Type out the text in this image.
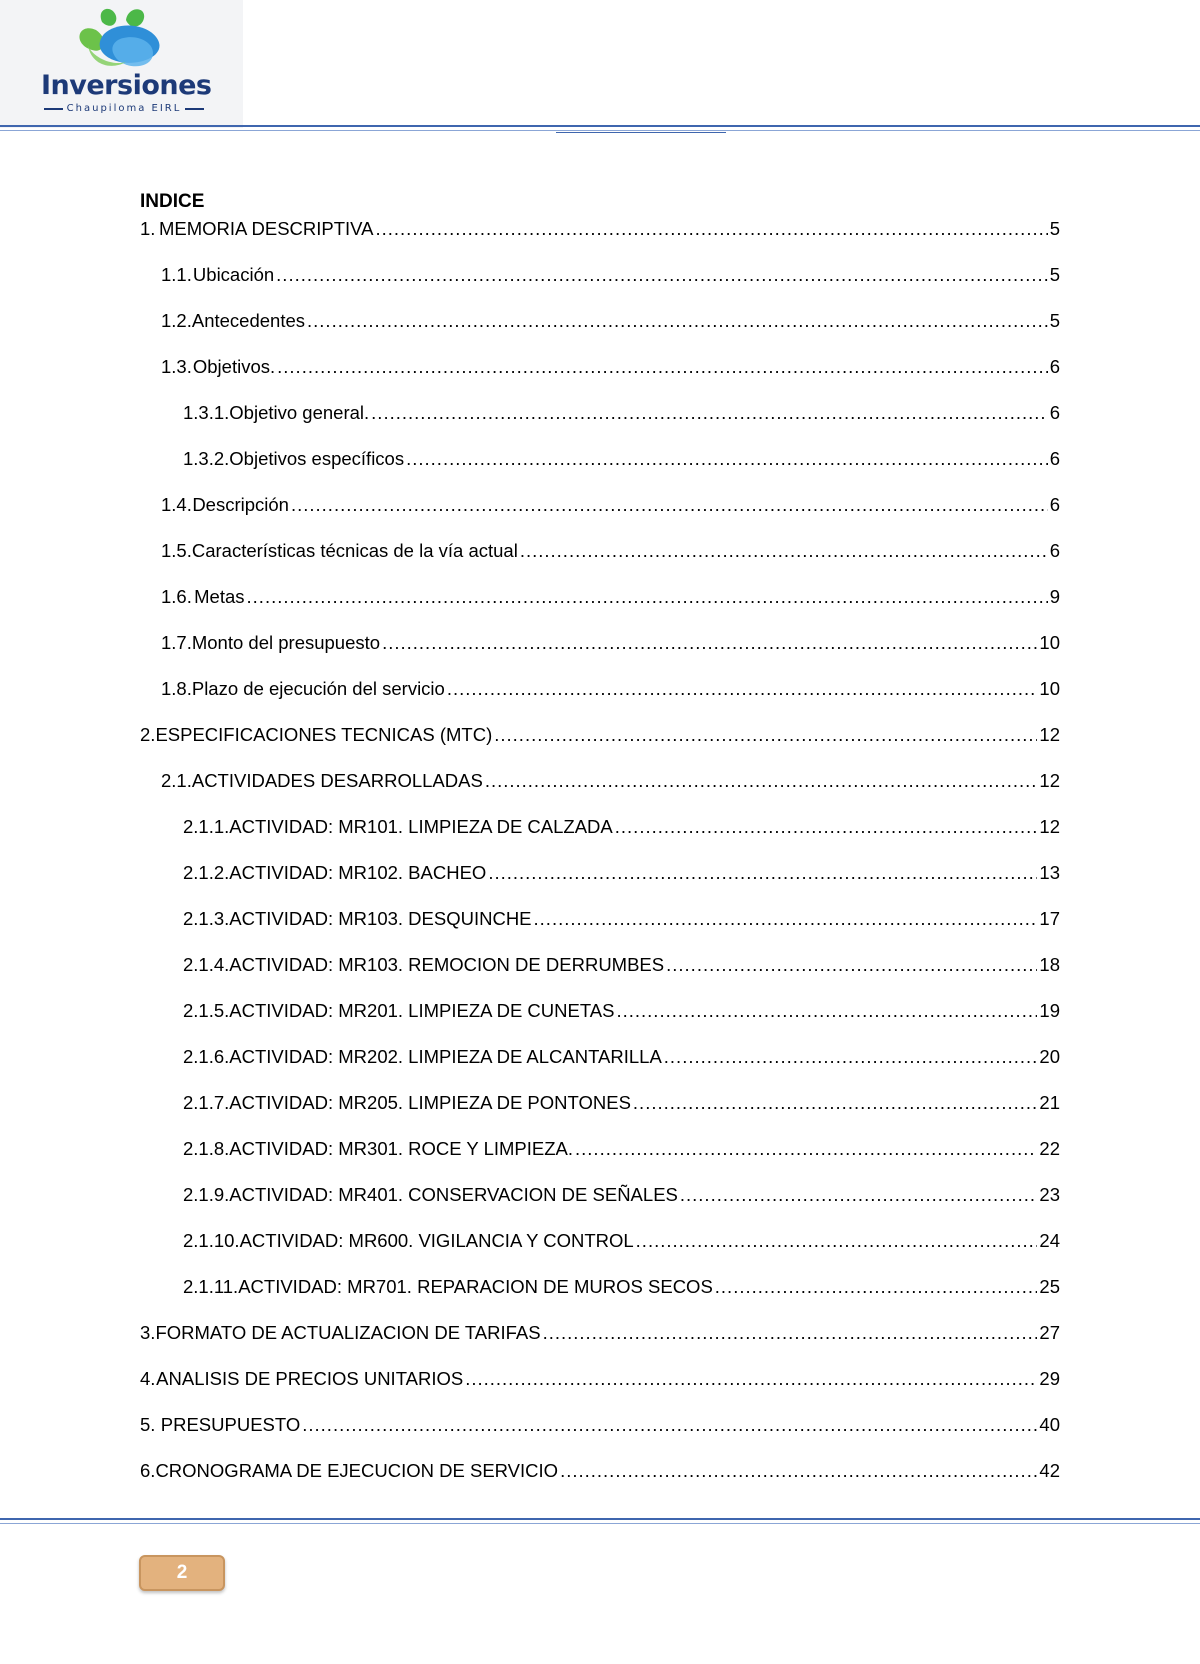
Inversiones
Chaupiloma EIRL
INDICE
1. MEMORIA DESCRIPTIVA .....	5
1.1. Ubicación .....	5
1.2. Antecedentes .....	5
1.3. Objetivos. .....	6
1.3.1. Objetivo general. .....	6
1.3.2. Objetivos específicos .....	6
1.4. Descripción .....	6
1.5. Características técnicas de la vía actual .....	6
1.6. Metas .....	9
1.7. Monto del presupuesto .....	10
1.8. Plazo de ejecución del servicio .....	10
2. ESPECIFICACIONES TECNICAS (MTC) .....	12
2.1. ACTIVIDADES DESARROLLADAS .....	12
2.1.1. ACTIVIDAD: MR101. LIMPIEZA DE CALZADA .....	12
2.1.2. ACTIVIDAD: MR102. BACHEO .....	13
2.1.3. ACTIVIDAD: MR103. DESQUINCHE .....	17
2.1.4. ACTIVIDAD: MR103. REMOCION DE DERRUMBES .....	18
2.1.5. ACTIVIDAD: MR201. LIMPIEZA DE CUNETAS .....	19
2.1.6. ACTIVIDAD: MR202. LIMPIEZA DE ALCANTARILLA .....	20
2.1.7. ACTIVIDAD: MR205. LIMPIEZA DE PONTONES .....	21
2.1.8. ACTIVIDAD: MR301. ROCE Y LIMPIEZA. .....	22
2.1.9. ACTIVIDAD: MR401. CONSERVACION DE SEÑALES .....	23
2.1.10. ACTIVIDAD: MR600. VIGILANCIA Y CONTROL .....	24
2.1.11. ACTIVIDAD: MR701. REPARACION DE MUROS SECOS .....	25
3. FORMATO DE ACTUALIZACION DE TARIFAS .....	27
4. ANALISIS DE PRECIOS UNITARIOS .....	29
5. PRESUPUESTO .....	40
6. CRONOGRAMA DE EJECUCION DE SERVICIO .....	42
2
